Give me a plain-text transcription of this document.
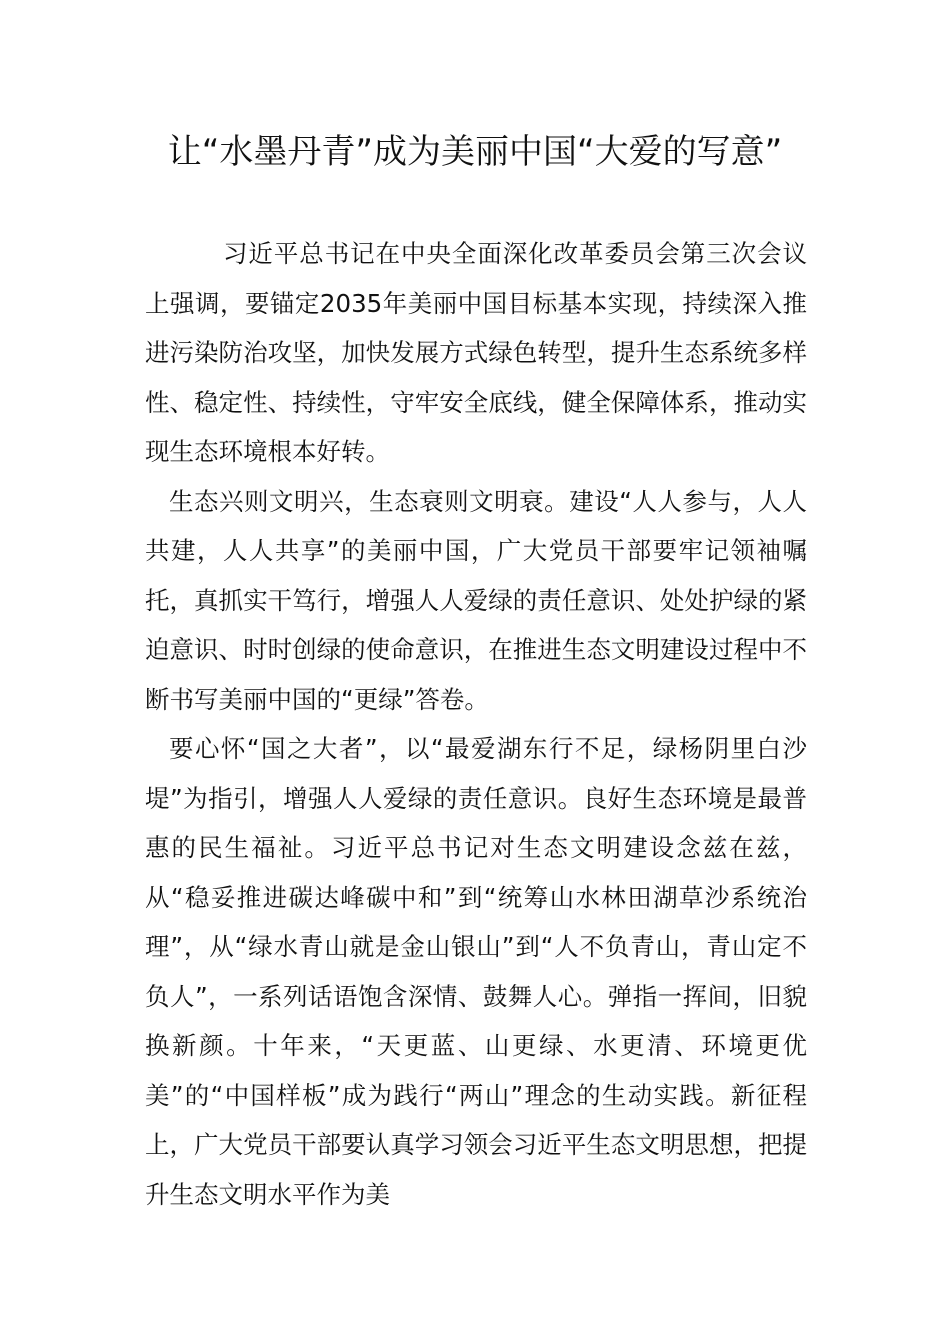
让“水墨丹青”成为美丽中国“大爱的写意”

习近平总书记在中央全面深化改革委员会第三次会议上强调，要锚定2035年美丽中国目标基本实现，持续深入推进污染防治攻坚，加快发展方式绿色转型，提升生态系统多样性、稳定性、持续性，守牢安全底线，健全保障体系，推动实现生态环境根本好转。

生态兴则文明兴，生态衰则文明衰。建设“人人参与，人人共建，人人共享”的美丽中国，广大党员干部要牢记领袖嘱托，真抓实干笃行，增强人人爱绿的责任意识、处处护绿的紧迫意识、时时创绿的使命意识，在推进生态文明建设过程中不断书写美丽中国的“更绿”答卷。

要心怀“国之大者”，以“最爱湖东行不足，绿杨阴里白沙堤”为指引，增强人人爱绿的责任意识。良好生态环境是最普惠的民生福祉。习近平总书记对生态文明建设念兹在兹，从“稳妥推进碳达峰碳中和”到“统筹山水林田湖草沙系统治理”，从“绿水青山就是金山银山”到“人不负青山，青山定不负人”，一系列话语饱含深情、鼓舞人心。弹指一挥间，旧貌换新颜。十年来，“天更蓝、山更绿、水更清、环境更优美”的“中国样板”成为践行“两山”理念的生动实践。新征程上，广大党员干部要认真学习领会习近平生态文明思想，把提升生态文明水平作为美
